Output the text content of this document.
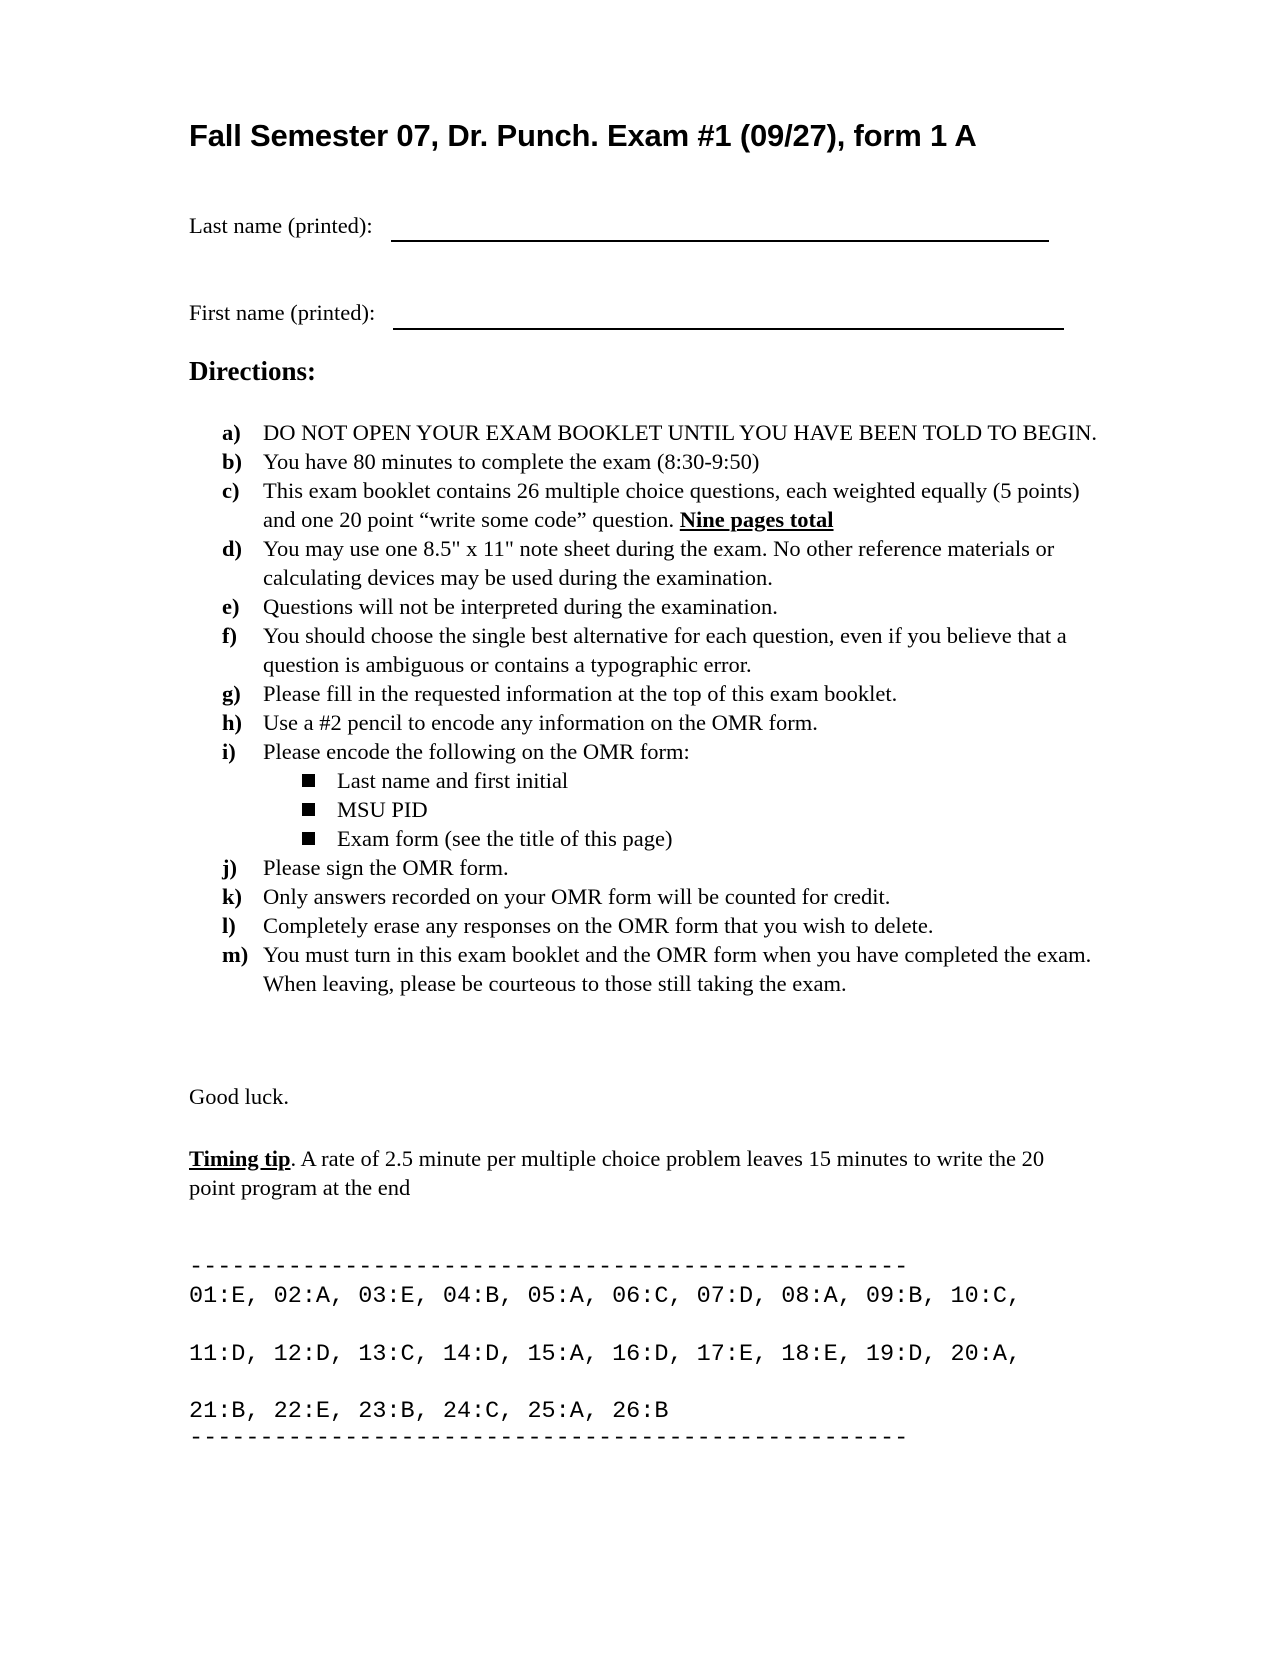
Fall Semester 07, Dr. Punch. Exam #1 (09/27), form 1 A
Last name (printed):
First name (printed):
Directions:
a) DO NOT OPEN YOUR EXAM BOOKLET UNTIL YOU HAVE BEEN TOLD TO BEGIN.
b) You have 80 minutes to complete the exam (8:30-9:50)
c)	This exam booklet contains 26 multiple choice questions, each weighted equally (5 points) and one 20 point “write some code” question. Nine pages total
d) You may use one 8.5" x 11" note sheet during the exam. No other reference materials or calculating devices may be used during the examination.
e)	Questions will not be interpreted during the examination.
f)	You should choose the single best alternative for each question, even if you believe that a question is ambiguous or contains a typographic error.
g) Please fill in the requested information at the top of this exam booklet.
h) Use a #2 pencil to encode any information on the OMR form.
i)	Please encode the following on the OMR form:
Last name and first initial
MSU PID
Exam form (see the title of this page)
j)	Please sign the OMR form.
k) Only answers recorded on your OMR form will be counted for credit.
l)	Completely erase any responses on the OMR form that you wish to delete.
m) You must turn in this exam booklet and the OMR form when you have completed the exam. When leaving, please be courteous to those still taking the exam.
Good luck.
Timing tip. A rate of 2.5 minute per multiple choice problem leaves 15 minutes to write the 20 point program at the end
---------------------------------------------------
01:E, 02:A, 03:E, 04:B, 05:A, 06:C, 07:D, 08:A, 09:B, 10:C,
11:D, 12:D, 13:C, 14:D, 15:A, 16:D, 17:E, 18:E, 19:D, 20:A,
21:B, 22:E, 23:B, 24:C, 25:A, 26:B
---------------------------------------------------
